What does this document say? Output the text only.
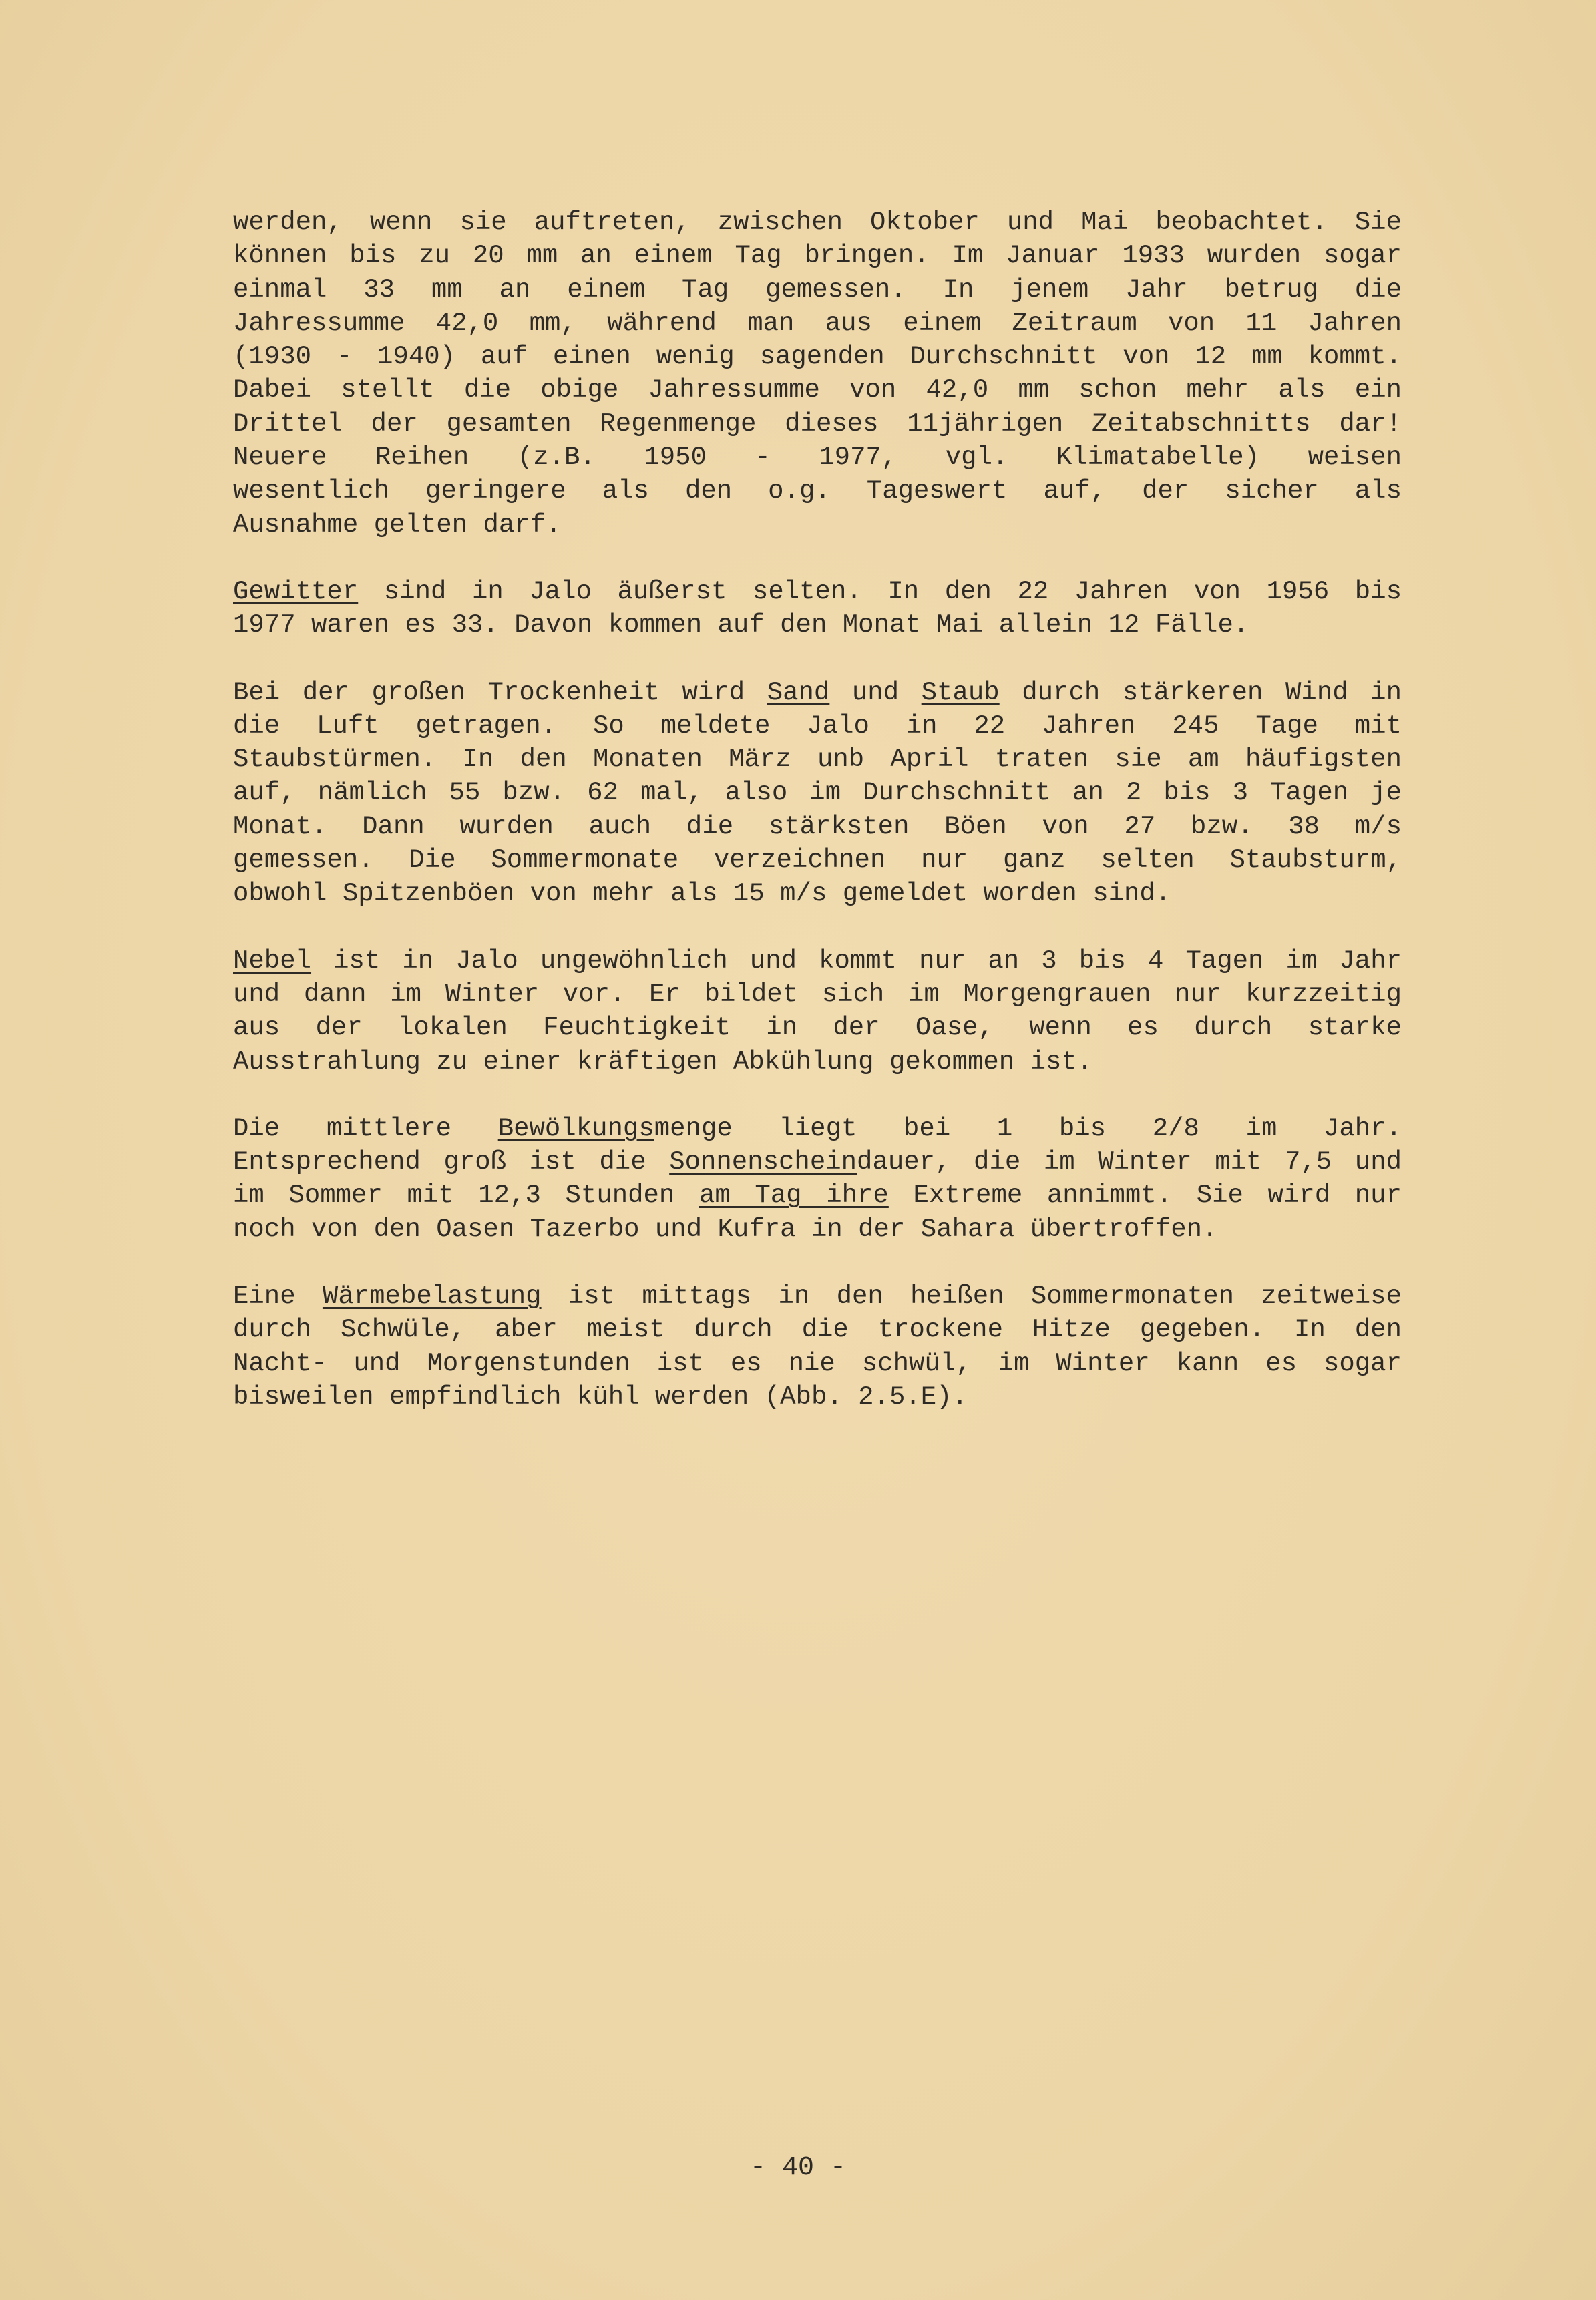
werden, wenn sie auftreten, zwischen Oktober und Mai beobachtet. Sie
können bis zu 20 mm an einem Tag bringen. Im Januar 1933 wurden sogar
einmal 33 mm an einem Tag gemessen. In jenem Jahr betrug die
Jahressumme 42,0 mm, während man aus einem Zeitraum von 11 Jahren
(1930 - 1940) auf einen wenig sagenden Durchschnitt von 12 mm kommt.
Dabei stellt die obige Jahressumme von 42,0 mm schon mehr als ein
Drittel der gesamten Regenmenge dieses 11jährigen Zeitabschnitts dar!
Neuere Reihen (z.B. 1950 - 1977, vgl. Klimatabelle) weisen
wesentlich geringere als den o.g. Tageswert auf, der sicher als
Ausnahme gelten darf.
Gewitter sind in Jalo äußerst selten. In den 22 Jahren von 1956 bis
1977 waren es 33. Davon kommen auf den Monat Mai allein 12 Fälle.
Bei der großen Trockenheit wird Sand und Staub durch stärkeren Wind in
die Luft getragen. So meldete Jalo in 22 Jahren 245 Tage mit
Staubstürmen. In den Monaten März unb April traten sie am häufigsten
auf, nämlich 55 bzw. 62 mal, also im Durchschnitt an 2 bis 3 Tagen je
Monat. Dann wurden auch die stärksten Böen von 27 bzw. 38 m/s
gemessen. Die Sommermonate verzeichnen nur ganz selten Staubsturm,
obwohl Spitzenböen von mehr als 15 m/s gemeldet worden sind.
Nebel ist in Jalo ungewöhnlich und kommt nur an 3 bis 4 Tagen im Jahr
und dann im Winter vor. Er bildet sich im Morgengrauen nur kurzzeitig
aus der lokalen Feuchtigkeit in der Oase, wenn es durch starke
Ausstrahlung zu einer kräftigen Abkühlung gekommen ist.
Die mittlere Bewölkungsmenge liegt bei 1 bis 2/8 im Jahr.
Entsprechend groß ist die Sonnenscheindauer, die im Winter mit 7,5 und
im Sommer mit 12,3 Stunden am Tag ihre Extreme annimmt. Sie wird nur
noch von den Oasen Tazerbo und Kufra in der Sahara übertroffen.
Eine Wärmebelastung ist mittags in den heißen Sommermonaten zeitweise
durch Schwüle, aber meist durch die trockene Hitze gegeben. In den
Nacht- und Morgenstunden ist es nie schwül, im Winter kann es sogar
bisweilen empfindlich kühl werden (Abb. 2.5.E).
- 40 -
